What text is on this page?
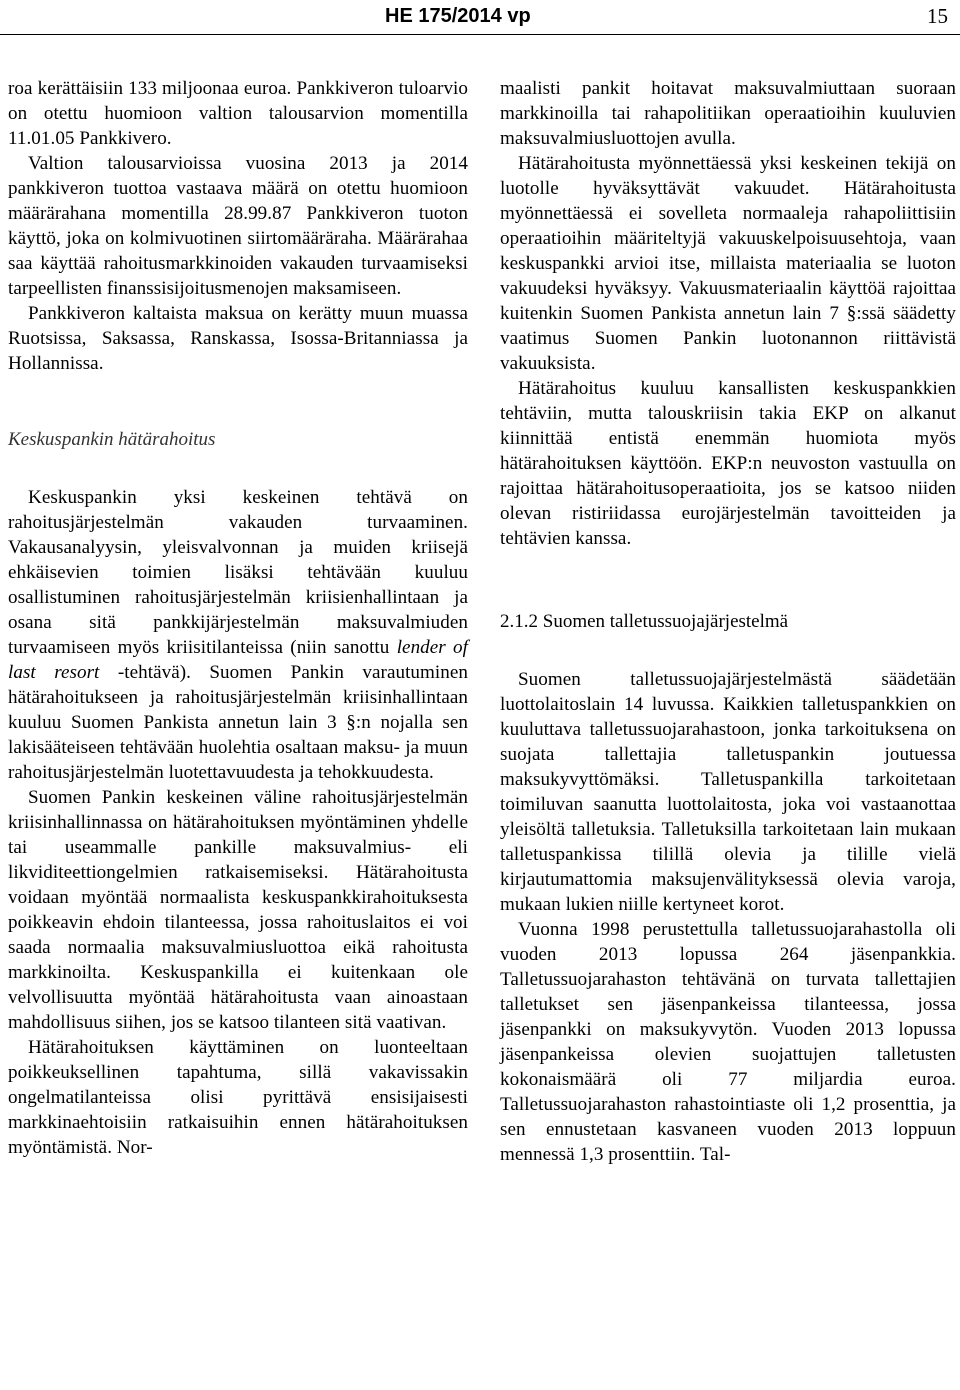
HE 175/2014 vp	15

roa kerättäisiin 133 miljoonaa euroa. Pankkiveron tuloarvio on otettu huomioon valtion talousarvion momentilla 11.01.05 Pankkivero.

Valtion talousarvioissa vuosina 2013 ja 2014 pankkiveron tuottoa vastaava määrä on otettu huomioon määrärahana momentilla 28.99.87 Pankkiveron tuoton käyttö, joka on kolmivuotinen siirtomääräraha. Määrärahaa saa käyttää rahoitusmarkkinoiden vakauden turvaamiseksi tarpeellisten finanssisijoitusmenojen maksamiseen.

Pankkiveron kaltaista maksua on kerätty muun muassa Ruotsissa, Saksassa, Ranskassa, Isossa-Britanniassa ja Hollannissa.

Keskuspankin hätärahoitus

Keskuspankin yksi keskeinen tehtävä on rahoitusjärjestelmän vakauden turvaaminen. Vakausanalyysin, yleisvalvonnan ja muiden kriisejä ehkäisevien toimien lisäksi tehtävään kuuluu osallistuminen rahoitusjärjestelmän kriisienhallintaan ja osana sitä pankkijärjestelmän maksuvalmiuden turvaamiseen myös kriisitilanteissa (niin sanottu lender of last resort -tehtävä). Suomen Pankin varautuminen hätärahoitukseen ja rahoitusjärjestelmän kriisinhallintaan kuuluu Suomen Pankista annetun lain 3 §:n nojalla sen lakisääteiseen tehtävään huolehtia osaltaan maksu- ja muun rahoitusjärjestelmän luotettavuudesta ja tehokkuudesta.

Suomen Pankin keskeinen väline rahoitusjärjestelmän kriisinhallinnassa on hätärahoituksen myöntäminen yhdelle tai useammalle pankille maksuvalmius- eli likviditeettiongelmien ratkaisemiseksi. Hätärahoitusta voidaan myöntää normaalista keskuspankkirahoituksesta poikkeavin ehdoin tilanteessa, jossa rahoituslaitos ei voi saada normaalia maksuvalmiusluottoa eikä rahoitusta markkinoilta. Keskuspankilla ei kuitenkaan ole velvollisuutta myöntää hätärahoitusta vaan ainoastaan mahdollisuus siihen, jos se katsoo tilanteen sitä vaativan.

Hätärahoituksen käyttäminen on luonteeltaan poikkeuksellinen tapahtuma, sillä vakavissakin ongelmatilanteissa olisi pyrittävä ensisijaisesti markkinaehtoisiin ratkaisuihin ennen hätärahoituksen myöntämistä. Nor-

maalisti pankit hoitavat maksuvalmiuttaan suoraan markkinoilla tai rahapolitiikan operaatioihin kuuluvien maksuvalmiusluottojen avulla.

Hätärahoitusta myönnettäessä yksi keskeinen tekijä on luotolle hyväksyttävät vakuudet. Hätärahoitusta myönnettäessä ei sovelleta normaaleja rahapoliittisiin operaatioihin määriteltyjä vakuuskelpoisuusehtoja, vaan keskuspankki arvioi itse, millaista materiaalia se luoton vakuudeksi hyväksyy. Vakuusmateriaalin käyttöä rajoittaa kuitenkin Suomen Pankista annetun lain 7 §:ssä säädetty vaatimus Suomen Pankin luotonannon riittävistä vakuuksista.

Hätärahoitus kuuluu kansallisten keskuspankkien tehtäviin, mutta talouskriisin takia EKP on alkanut kiinnittää entistä enemmän huomiota myös hätärahoituksen käyttöön. EKP:n neuvoston vastuulla on rajoittaa hätärahoitusoperaatioita, jos se katsoo niiden olevan ristiriidassa eurojärjestelmän tavoitteiden ja tehtävien kanssa.

2.1.2 Suomen talletussuojajärjestelmä

Suomen talletussuojajärjestelmästä säädetään luottolaitoslain 14 luvussa. Kaikkien talletuspankkien on kuuluttava talletussuojarahastoon, jonka tarkoituksena on suojata tallettajia talletuspankin joutuessa maksukyvyttömäksi. Talletuspankilla tarkoitetaan toimiluvan saanutta luottolaitosta, joka voi vastaanottaa yleisöltä talletuksia. Talletuksilla tarkoitetaan lain mukaan talletuspankissa tilillä olevia ja tilille vielä kirjautumattomia maksujenvälityksessä olevia varoja, mukaan lukien niille kertyneet korot.

Vuonna 1998 perustettulla talletussuojarahastolla oli vuoden 2013 lopussa 264 jäsenpankkia. Talletussuojarahaston tehtävänä on turvata tallettajien talletukset sen jäsenpankeissa tilanteessa, jossa jäsenpankki on maksukyvytön. Vuoden 2013 lopussa jäsenpankeissa olevien suojattujen talletusten kokonaismäärä oli 77 miljardia euroa. Talletussuojarahaston rahastointiaste oli 1,2 prosenttia, ja sen ennustetaan kasvaneen vuoden 2013 loppuun mennessä 1,3 prosenttiin. Tal-
